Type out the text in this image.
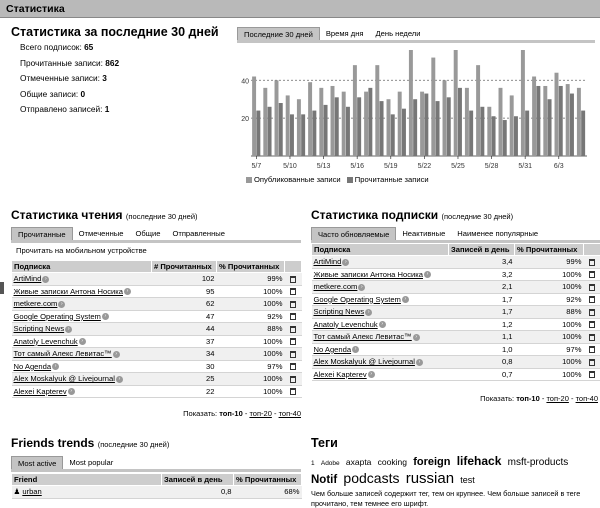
Статистика
Статистика за последние 30 дней
Всего подписок: 65
Прочитанные записи: 862
Отмеченные записи: 3
Общие записи: 0
Отправлено записей: 1
Последние 30 дней	Время дня	День недели
20
40
5/7	5/10	5/13	5/16	5/19	5/22	5/25	5/28	5/31	6/3
Опубликованные записи Прочитанные записи
Статистика чтения (последние 30 дней)
Прочитанные	Отмеченные	Общие	Отправленные
Прочитать на мобильном устройстве
Подписка	# Прочитанных	% Прочитанных	
ArtiMind ›	102	99%	
Живые записки Антона Носика ›	95	100%	
metkere.com ›	62	100%	
Google Operating System ›	47	92%	
Scripting News ›	44	88%	
Anatoly Levenchuk ›	37	100%	
Тот самый Алекс Левитас™ ›	34	100%	
No Agenda ›	30	97%	
Alex Moskalyuk @ Livejournal ›	25	100%	
Alexei Kapterev ›	22	100%	
Показать: топ-10 - топ-20 - топ-40
Статистика подписки (последние 30 дней)
Часто обновляемые	Неактивные	Наименее популярные
Подписка	Записей в день	% Прочитанных	
ArtiMind ›	3,4	99%	
Живые записки Антона Носика ›	3,2	100%	
metkere.com ›	2,1	100%	
Google Operating System ›	1,7	92%	
Scripting News ›	1,7	88%	
Anatoly Levenchuk ›	1,2	100%	
Тот самый Алекс Левитас™ ›	1,1	100%	
No Agenda ›	1,0	97%	
Alex Moskalyuk @ Livejournal ›	0,8	100%	
Alexei Kapterev ›	0,7	100%	
Показать: топ-10 - топ-20 - топ-40
Friends trends (последние 30 дней)
Most active	Most popular
Friend	Записей в день	% Прочитанных
♟ urban	0,8	68%
Теги
1 Adobe axapta cooking foreign lifehack msft-products Notif podcasts russian test
Чем больше записей содержит тег, тем он крупнее. Чем больше записей в теге прочитано, тем темнее его шрифт.
